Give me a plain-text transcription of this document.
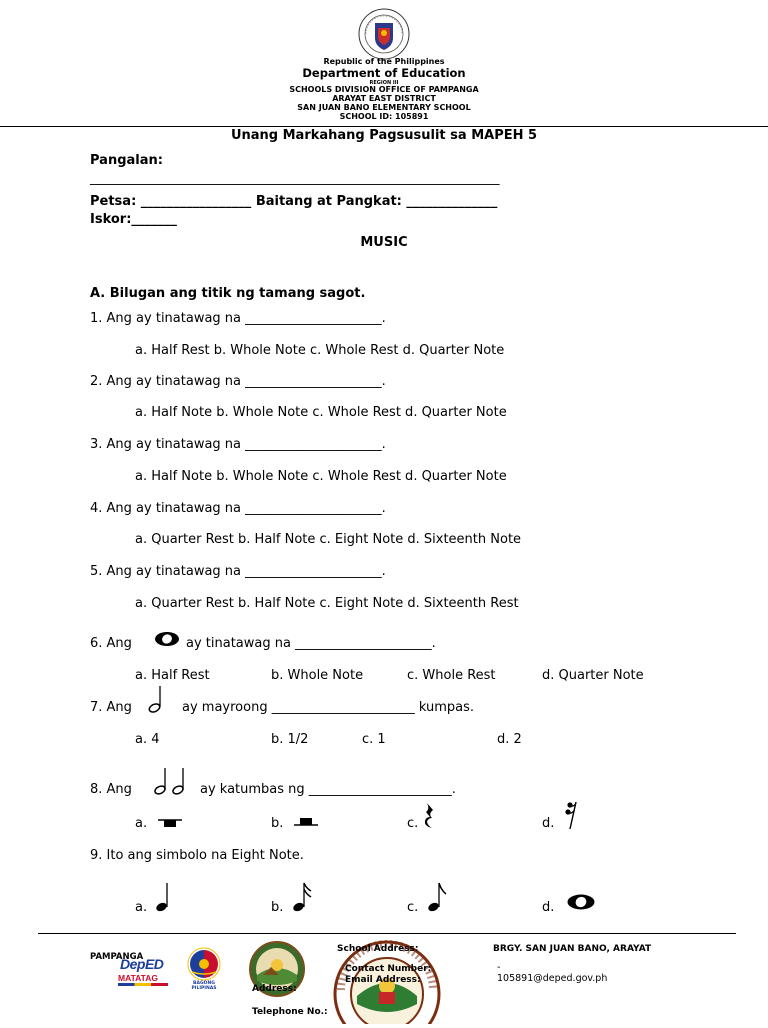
Republic of the Philippines
Department of Education
REGION III
SCHOOLS DIVISION OFFICE OF PAMPANGA
ARAYAT EAST DISTRICT
SAN JUAN BANO ELEMENTARY SCHOOL
SCHOOL ID: 105891
Unang Markahang Pagsusulit sa MAPEH 5
Pangalan:
_______________________________________________________________
Petsa: _________________ Baitang at Pangkat: ______________
Iskor:_______
MUSIC
A. Bilugan ang titik ng tamang sagot.
1. Ang ay tinatawag na _____________________.
a. Half Rest b. Whole Note c. Whole Rest d. Quarter Note
2. Ang ay tinatawag na _____________________.
a. Half Note b. Whole Note c. Whole Rest d. Quarter Note
3. Ang ay tinatawag na _____________________.
a. Half Note b. Whole Note c. Whole Rest d. Quarter Note
4. Ang ay tinatawag na _____________________.
a. Quarter Rest b. Half Note c. Eight Note d. Sixteenth Note
5. Ang ay tinatawag na _____________________.
a. Quarter Rest b. Half Note c. Eight Note d. Sixteenth Rest
6. Ang	ay tinatawag na _____________________.
a. Half Rest	b. Whole Note	c. Whole Rest	d. Quarter Note
7. Ang	ay mayroong ______________________ kumpas.
a. 4	b. 1/2	c. 1	d. 2
8. Ang	ay katumbas ng ______________________.
a.	b.	c.	d.
9. Ito ang simbolo na Eight Note.
a.	b.	c.	d.
PAMPANGA
DepED
MATATAG
BAGONG PILIPINAS
School Address:
Contact Number:
Email Address:
Address:
Telephone No.:
BRGY. SAN JUAN BANO, ARAYAT
-
105891@deped.gov.ph
